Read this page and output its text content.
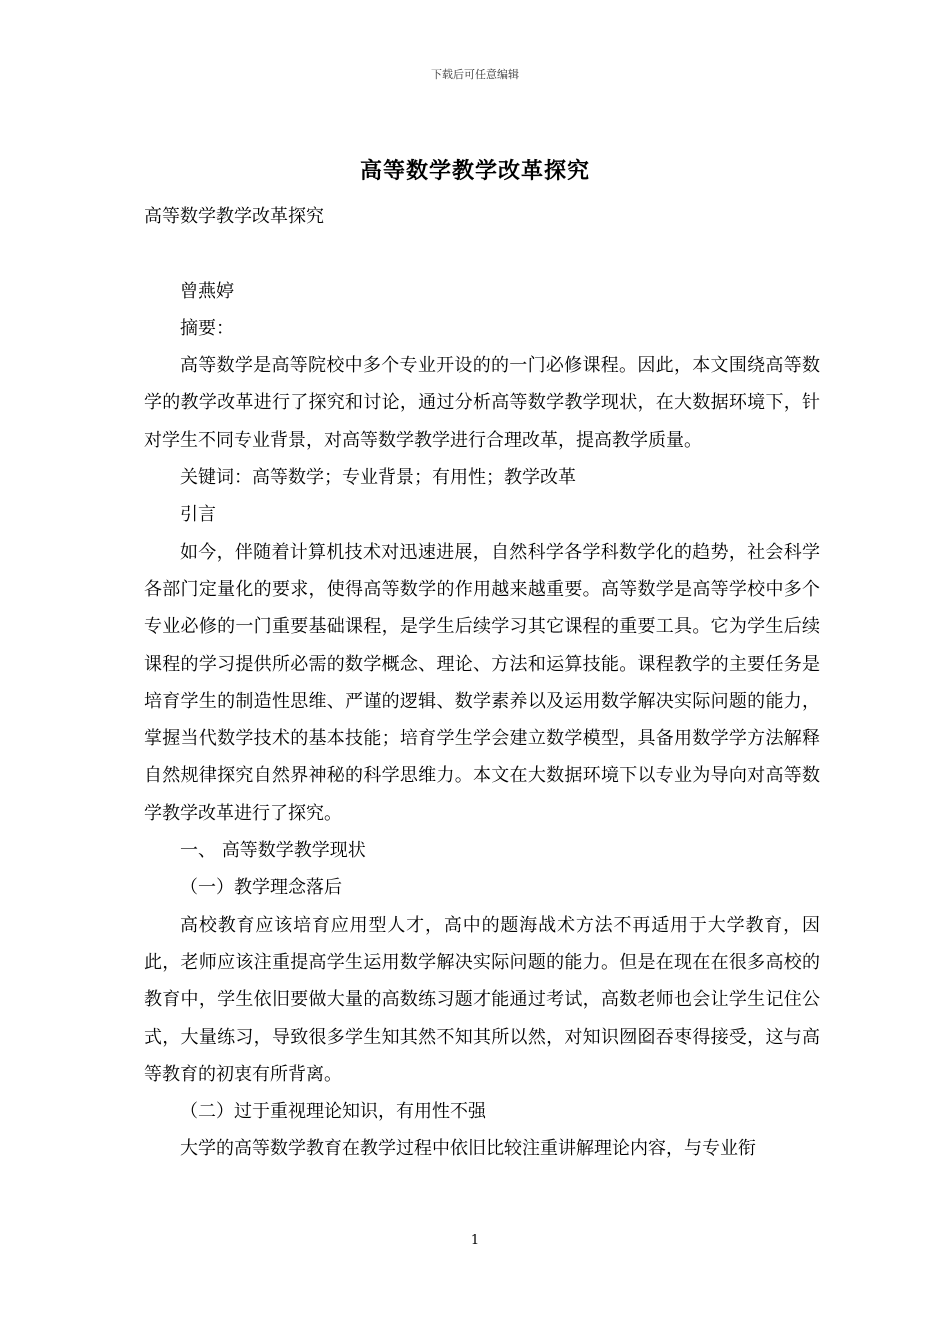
下载后可任意编辑
高等数学教学改革探究

高等数学教学改革探究

曾燕婷

摘要：

高等数学是高等院校中多个专业开设的的一门必修课程。因此，本文围绕高等数学的教学改革进行了探究和讨论，通过分析高等数学教学现状，在大数据环境下，针对学生不同专业背景，对高等数学教学进行合理改革，提高教学质量。

关键词：高等数学；专业背景；有用性；教学改革

引言

如今，伴随着计算机技术对迅速进展，自然科学各学科数学化的趋势，社会科学各部门定量化的要求，使得高等数学的作用越来越重要。高等数学是高等学校中多个专业必修的一门重要基础课程，是学生后续学习其它课程的重要工具。它为学生后续课程的学习提供所必需的数学概念、理论、方法和运算技能。课程教学的主要任务是培育学生的制造性思维、严谨的逻辑、数学素养以及运用数学解决实际问题的能力，掌握当代数学技术的基本技能；培育学生学会建立数学模型，具备用数学学方法解释自然规律探究自然界神秘的科学思维力。本文在大数据环境下以专业为导向对高等数学教学改革进行了探究。

一、 高等数学教学现状

（一）教学理念落后

高校教育应该培育应用型人才，高中的题海战术方法不再适用于大学教育，因此，老师应该注重提高学生运用数学解决实际问题的能力。但是在现在在很多高校的教育中，学生依旧要做大量的高数练习题才能通过考试，高数老师也会让学生记住公式，大量练习，导致很多学生知其然不知其所以然，对知识囫囵吞枣得接受，这与高等教育的初衷有所背离。

（二）过于重视理论知识，有用性不强

大学的高等数学教育在教学过程中依旧比较注重讲解理论内容，与专业衔

1
